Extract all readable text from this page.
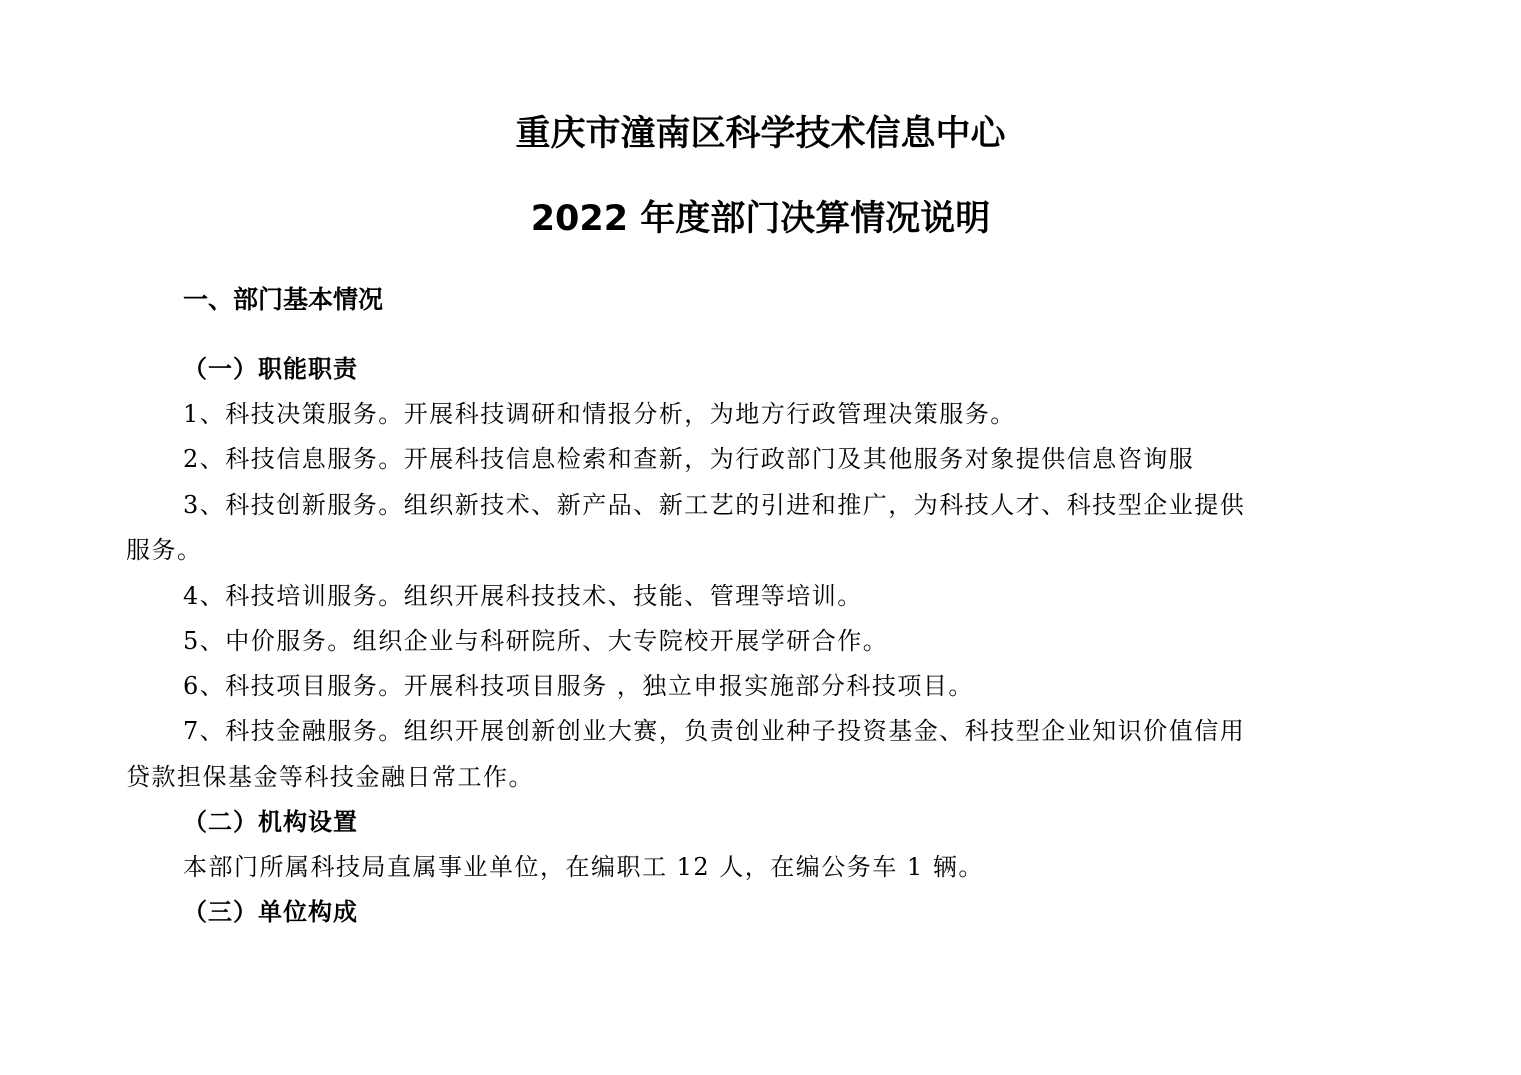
重庆市潼南区科学技术信息中心
2022 年度部门决算情况说明
一、部门基本情况
（一）职能职责
1、科技决策服务。开展科技调研和情报分析，为地方行政管理决策服务。
2、科技信息服务。开展科技信息检索和查新，为行政部门及其他服务对象提供信息咨询服
3、科技创新服务。组织新技术、新产品、新工艺的引进和推广，为科技人才、科技型企业提供
服务。
4、科技培训服务。组织开展科技技术、技能、管理等培训。
5、中价服务。组织企业与科研院所、大专院校开展学研合作。
6、科技项目服务。开展科技项目服务 ，独立申报实施部分科技项目。
7、科技金融服务。组织开展创新创业大赛，负责创业种子投资基金、科技型企业知识价值信用
贷款担保基金等科技金融日常工作。
（二）机构设置
本部门所属科技局直属事业单位，在编职工 12 人，在编公务车 1 辆。
（三）单位构成
